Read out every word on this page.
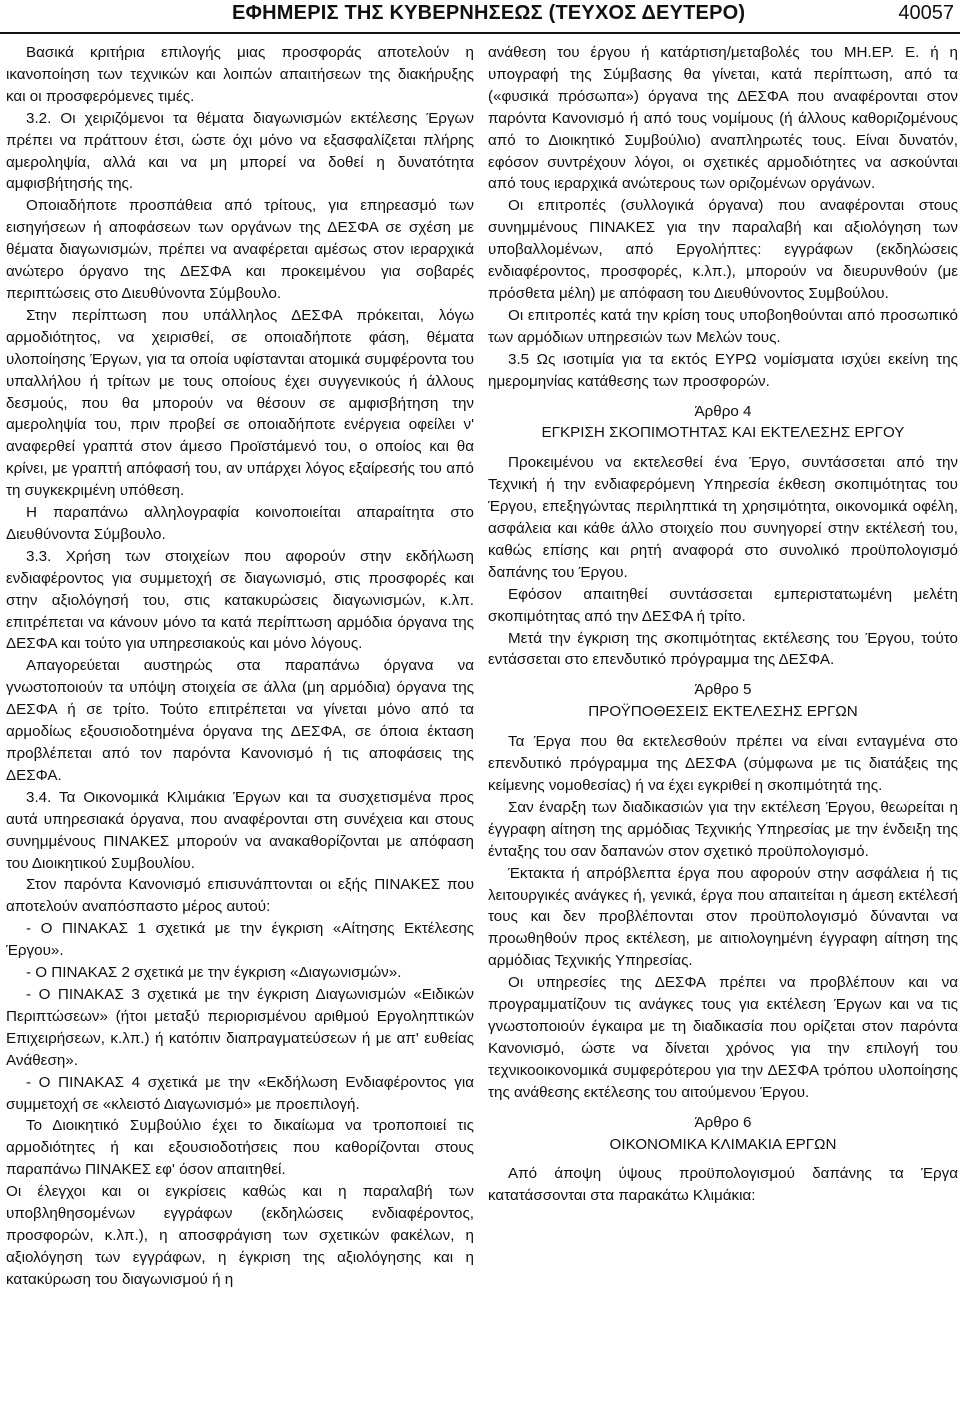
ΕΦΗΜΕΡΙΣ ΤΗΣ ΚΥΒΕΡΝΗΣΕΩΣ (ΤΕΥΧΟΣ ΔΕΥΤΕΡΟ)	40057

Βασικά κριτήρια επιλογής μιας προσφοράς αποτελούν η ικανοποίηση των τεχνικών και λοιπών απαιτήσεων της διακήρυξης και οι προσφερόμενες τιμές.

3.2. Οι χειριζόμενοι τα θέματα διαγωνισμών εκτέλεσης Έργων πρέπει να πράττουν έτσι, ώστε όχι μόνο να εξασφαλίζεται πλήρης αμεροληψία, αλλά και να μη μπορεί να δοθεί η δυνατότητα αμφισβήτησής της.

Οποιαδήποτε προσπάθεια από τρίτους, για επηρεασμό των εισηγήσεων ή αποφάσεων των οργάνων της ΔΕΣΦΑ σε σχέση με θέματα διαγωνισμών, πρέπει να αναφέρεται αμέσως στον ιεραρχικά ανώτερο όργανο της ΔΕΣΦΑ και προκειμένου για σοβαρές περιπτώσεις στο Διευθύνοντα Σύμβουλο.

Στην περίπτωση που υπάλληλος ΔΕΣΦΑ πρόκειται, λόγω αρμοδιότητος, να χειρισθεί, σε οποιαδήποτε φάση, θέματα υλοποίησης Έργων, για τα οποία υφίστανται ατομικά συμφέροντα του υπαλλήλου ή τρίτων με τους οποίους έχει συγγενικούς ή άλλους δεσμούς, που θα μπορούν να θέσουν σε αμφισβήτηση την αμεροληψία του, πριν προβεί σε οποιαδήποτε ενέργεια οφείλει ν' αναφερθεί γραπτά στον άμεσο Προϊστάμενό του, ο οποίος και θα κρίνει, με γραπτή απόφασή του, αν υπάρχει λόγος εξαίρεσής του από τη συγκεκριμένη υπόθεση.

Η παραπάνω αλληλογραφία κοινοποιείται απαραίτητα στο Διευθύνοντα Σύμβουλο.

3.3. Χρήση των στοιχείων που αφορούν στην εκδήλωση ενδιαφέροντος για συμμετοχή σε διαγωνισμό, στις προσφορές και στην αξιολόγησή του, στις κατακυρώσεις διαγωνισμών, κ.λπ. επιτρέπεται να κάνουν μόνο τα κατά περίπτωση αρμόδια όργανα της ΔΕΣΦΑ και τούτο για υπηρεσιακούς και μόνο λόγους.

Απαγορεύεται αυστηρώς στα παραπάνω όργανα να γνωστοποιούν τα υπόψη στοιχεία σε άλλα (μη αρμόδια) όργανα της ΔΕΣΦΑ ή σε τρίτο. Τούτο επιτρέπεται να γίνεται μόνο από τα αρμοδίως εξουσιοδοτημένα όργανα της ΔΕΣΦΑ, σε όποια έκταση προβλέπεται από τον παρόντα Κανονισμό ή τις αποφάσεις της ΔΕΣΦΑ.

3.4. Τα Οικονομικά Κλιμάκια Έργων και τα συσχετισμένα προς αυτά υπηρεσιακά όργανα, που αναφέρονται στη συνέχεια και στους συνημμένους ΠΙΝΑΚΕΣ μπορούν να ανακαθορίζονται με απόφαση του Διοικητικού Συμβουλίου.

Στον παρόντα Κανονισμό επισυνάπτονται οι εξής ΠΙΝΑΚΕΣ που αποτελούν αναπόσπαστο μέρος αυτού:

- Ο ΠΙΝΑΚΑΣ 1 σχετικά με την έγκριση «Αίτησης Εκτέλεσης Έργου».

- Ο ΠΙΝΑΚΑΣ 2 σχετικά με την έγκριση «Διαγωνισμών».

- Ο ΠΙΝΑΚΑΣ 3 σχετικά με την έγκριση Διαγωνισμών «Ειδικών Περιπτώσεων» (ήτοι μεταξύ περιορισμένου αριθμού Εργοληπτικών Επιχειρήσεων, κ.λπ.) ή κατόπιν διαπραγματεύσεων ή με απ' ευθείας Ανάθεση».

- Ο ΠΙΝΑΚΑΣ 4 σχετικά με την «Εκδήλωση Ενδιαφέροντος για συμμετοχή σε «κλειστό Διαγωνισμό» με προεπιλογή.

Το Διοικητικό Συμβούλιο έχει το δικαίωμα να τροποποιεί τις αρμοδιότητες ή και εξουσιοδοτήσεις που καθορίζονται στους παραπάνω ΠΙΝΑΚΕΣ εφ' όσον απαιτηθεί.

Οι έλεγχοι και οι εγκρίσεις καθώς και η παραλαβή των υποβληθησομένων εγγράφων (εκδηλώσεις ενδιαφέροντος, προσφορών, κ.λπ.), η αποσφράγιση των σχετικών φακέλων, η αξιολόγηση των εγγράφων, η έγκριση της αξιολόγησης και η κατακύρωση του διαγωνισμού ή η

ανάθεση του έργου ή κατάρτιση/μεταβολές του ΜΗ.ΕΡ. Ε. ή η υπογραφή της Σύμβασης θα γίνεται, κατά περίπτωση, από τα («φυσικά πρόσωπα») όργανα της ΔΕΣΦΑ που αναφέρονται στον παρόντα Κανονισμό ή από τους νομίμους (ή άλλους καθοριζομένους από το Διοικητικό Συμβούλιο) αναπληρωτές τους. Είναι δυνατόν, εφόσον συντρέχουν λόγοι, οι σχετικές αρμοδιότητες να ασκούνται από τους ιεραρχικά ανώτερους των οριζομένων οργάνων.

Οι επιτροπές (συλλογικά όργανα) που αναφέρονται στους συνημμένους ΠΙΝΑΚΕΣ για την παραλαβή και αξιολόγηση των υποβαλλομένων, από Εργολήπτες: εγγράφων (εκδηλώσεις ενδιαφέροντος, προσφορές, κ.λπ.), μπορούν να διευρυνθούν (με πρόσθετα μέλη) με απόφαση του Διευθύνοντος Συμβούλου.

Οι επιτροπές κατά την κρίση τους υποβοηθούνται από προσωπικό των αρμόδιων υπηρεσιών των Μελών τους.

3.5 Ως ισοτιμία για τα εκτός ΕΥΡΩ νομίσματα ισχύει εκείνη της ημερομηνίας κατάθεσης των προσφορών.

Άρθρο 4

ΕΓΚΡΙΣΗ ΣΚΟΠΙΜΟΤΗΤΑΣ ΚΑΙ ΕΚΤΕΛΕΣΗΣ ΕΡΓΟΥ

Προκειμένου να εκτελεσθεί ένα Έργο, συντάσσεται από την Τεχνική ή την ενδιαφερόμενη Υπηρεσία έκθεση σκοπιμότητας του Έργου, επεξηγώντας περιληπτικά τη χρησιμότητα, οικονομικά οφέλη, ασφάλεια και κάθε άλλο στοιχείο που συνηγορεί στην εκτέλεσή του, καθώς επίσης και ρητή αναφορά στο συνολικό προϋπολογισμό δαπάνης του Έργου.

Εφόσον απαιτηθεί συντάσσεται εμπεριστατωμένη μελέτη σκοπιμότητας από την ΔΕΣΦΑ ή τρίτο.

Μετά την έγκριση της σκοπιμότητας εκτέλεσης του Έργου, τούτο εντάσσεται στο επενδυτικό πρόγραμμα της ΔΕΣΦΑ.

Άρθρο 5

ΠΡΟΫΠΟΘΕΣΕΙΣ ΕΚΤΕΛΕΣΗΣ ΕΡΓΩΝ

Τα Έργα που θα εκτελεσθούν πρέπει να είναι ενταγμένα στο επενδυτικό πρόγραμμα της ΔΕΣΦΑ (σύμφωνα με τις διατάξεις της κείμενης νομοθεσίας) ή να έχει εγκριθεί η σκοπιμότητά της.

Σαν έναρξη των διαδικασιών για την εκτέλεση Έργου, θεωρείται η έγγραφη αίτηση της αρμόδιας Τεχνικής Υπηρεσίας με την ένδειξη της ένταξης του σαν δαπανών στον σχετικό προϋπολογισμό.

Έκτακτα ή απρόβλεπτα έργα που αφορούν στην ασφάλεια ή τις λειτουργικές ανάγκες ή, γενικά, έργα που απαιτείται η άμεση εκτέλεσή τους και δεν προβλέπονται στον προϋπολογισμό δύνανται να προωθηθούν προς εκτέλεση, με αιτιολογημένη έγγραφη αίτηση της αρμόδιας Τεχνικής Υπηρεσίας.

Οι υπηρεσίες της ΔΕΣΦΑ πρέπει να προβλέπουν και να προγραμματίζουν τις ανάγκες τους για εκτέλεση Έργων και να τις γνωστοποιούν έγκαιρα με τη διαδικασία που ορίζεται στον παρόντα Κανονισμό, ώστε να δίνεται χρόνος για την επιλογή του τεχνικοοικονομικά συμφερότερου για την ΔΕΣΦΑ τρόπου υλοποίησης της ανάθεσης εκτέλεσης του αιτούμενου Έργου.

Άρθρο 6

ΟΙΚΟΝΟΜΙΚΑ ΚΛΙΜΑΚΙΑ ΕΡΓΩΝ

Από άποψη ύψους προϋπολογισμού δαπάνης τα Έργα κατατάσσονται στα παρακάτω Κλιμάκια:
